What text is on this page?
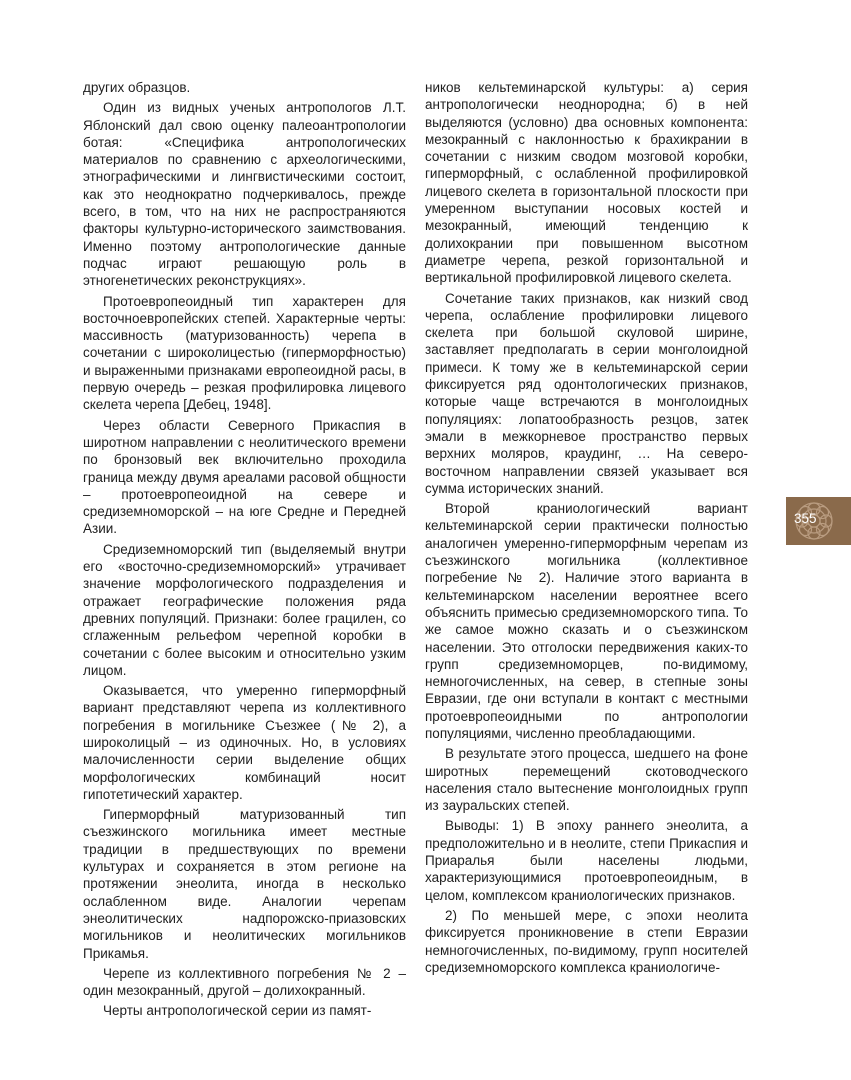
других образцов.

Один из видных ученых антропологов Л.Т. Яблонский дал свою оценку палеоантропологии ботая: «Специфика антропологических материалов по сравнению с археологическими, этнографическими и лингвистическими состоит, как это неоднократно подчеркивалось, прежде всего, в том, что на них не распространяются факторы культурно-исторического заимствования. Именно поэтому антропологические данные подчас играют решающую роль в этногенетических реконструкциях».

Протоевропеоидный тип характерен для восточноевропейских степей. Характерные черты: массивность (матуризованность) черепа в сочетании с широколицестью (гиперморфностью) и выраженными признаками европеоидной расы, в первую очередь – резкая профилировка лицевого скелета черепа [Дебец, 1948].

Через области Северного Прикаспия в широтном направлении с неолитического времени по бронзовый век включительно проходила граница между двумя ареалами расовой общности – протоевропеоидной на севере и средиземноморской – на юге Средне и Передней Азии.

Средиземноморский тип (выделяемый внутри его «восточно-средиземноморский» утрачивает значение морфологического подразделения и отражает географические положения ряда древних популяций. Признаки: более грацилен, со сглаженным рельефом черепной коробки в сочетании с более высоким и относительно узким лицом.

Оказывается, что умеренно гиперморфный вариант представляют черепа из коллективного погребения в могильнике Съезжее (№ 2), а широколицый – из одиночных. Но, в условиях малочисленности серии выделение общих морфологических комбинаций носит гипотетический характер.

Гиперморфный матуризованный тип съезжинского могильника имеет местные традиции в предшествующих по времени культурах и сохраняется в этом регионе на протяжении энеолита, иногда в несколько ослабленном виде. Аналогии черепам энеолитических надпорожско-приазовских могильников и неолитических могильников Прикамья.

Черепе из коллективного погребения № 2 – один мезокранный, другой – долихокранный.

Черты антропологической серии из памят-

ников кельтеминарской культуры: а) серия антропологически неоднородна; б) в ней выделяются (условно) два основных компонента: мезокранный с наклонностью к брахикрании в сочетании с низким сводом мозговой коробки, гиперморфный, с ослабленной профилировкой лицевого скелета в горизонтальной плоскости при умеренном выступании носовых костей и мезокранный, имеющий тенденцию к долихокрании при повышенном высотном диаметре черепа, резкой горизонтальной и вертикальной профилировкой лицевого скелета.

Сочетание таких признаков, как низкий свод черепа, ослабление профилировки лицевого скелета при большой скуловой ширине, заставляет предполагать в серии монголоидной примеси. К тому же в кельтеминарской серии фиксируется ряд одонтологических признаков, которые чаще встречаются в монголоидных популяциях: лопатообразность резцов, затек эмали в межкорневое пространство первых верхних моляров, краудинг, … На северо-восточном направлении связей указывает вся сумма исторических знаний.

Второй краниологический вариант кельтеминарской серии практически полностью аналогичен умеренно-гиперморфным черепам из съезжинского могильника (коллективное погребение № 2). Наличие этого варианта в кельтеминарском населении вероятнее всего объяснить примесью средиземноморского типа. То же самое можно сказать и о съезжинском населении. Это отголоски передвижения каких-то групп средиземноморцев, по-видимому, немногочисленных, на север, в степные зоны Евразии, где они вступали в контакт с местными протоевропеоидными по антропологии популяциями, численно преобладающими.

В результате этого процесса, шедшего на фоне широтных перемещений скотоводческого населения стало вытеснение монголоидных групп из зауральских степей.

Выводы: 1) В эпоху раннего энеолита, а предположительно и в неолите, степи Прикаспия и Приаралья были населены людьми, характеризующимися протоевропеоидным, в целом, комплексом краниологических признаков.

2) По меньшей мере, с эпохи неолита фиксируется проникновение в степи Евразии немногочисленных, по-видимому, групп носителей средиземноморского комплекса краниологиче-

355
